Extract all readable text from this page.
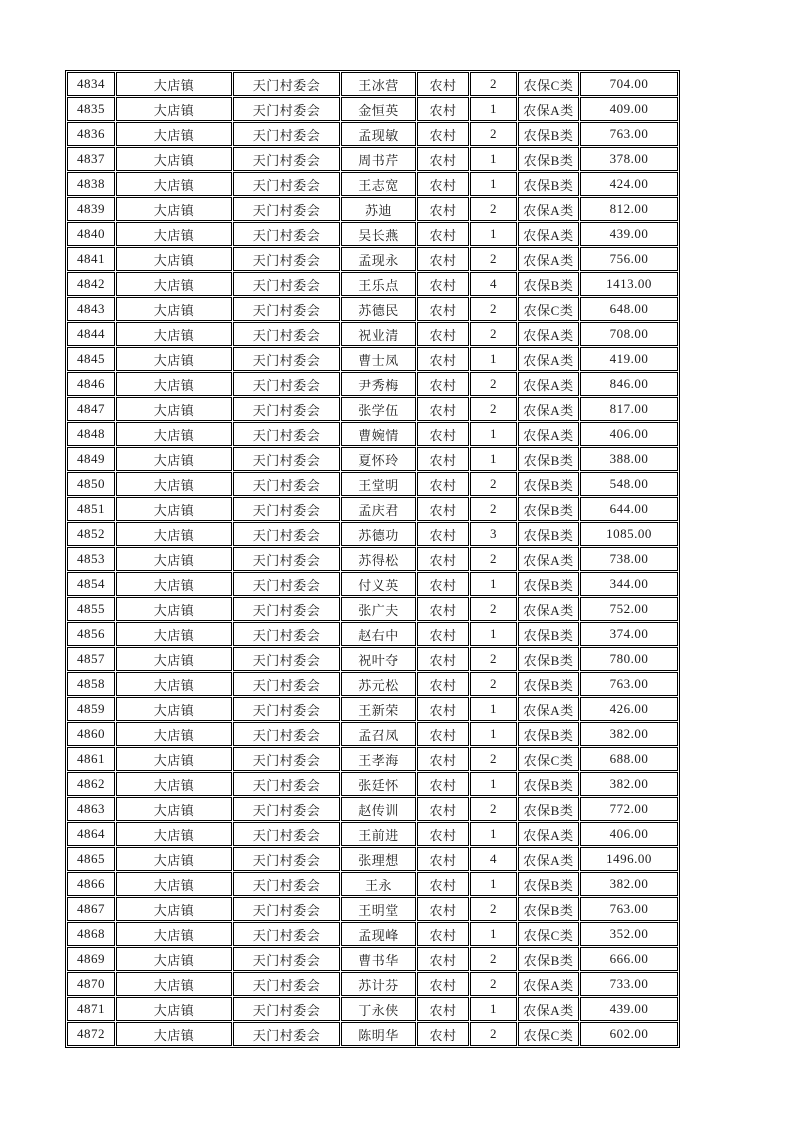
4834	大店镇	天门村委会	王冰营	农村	2	农保C类	704.00
4835	大店镇	天门村委会	金恒英	农村	1	农保A类	409.00
4836	大店镇	天门村委会	孟现敏	农村	2	农保B类	763.00
4837	大店镇	天门村委会	周书芹	农村	1	农保B类	378.00
4838	大店镇	天门村委会	王志宽	农村	1	农保B类	424.00
4839	大店镇	天门村委会	苏迪	农村	2	农保A类	812.00
4840	大店镇	天门村委会	吴长燕	农村	1	农保A类	439.00
4841	大店镇	天门村委会	孟现永	农村	2	农保A类	756.00
4842	大店镇	天门村委会	王乐点	农村	4	农保B类	1413.00
4843	大店镇	天门村委会	苏德民	农村	2	农保C类	648.00
4844	大店镇	天门村委会	祝业清	农村	2	农保A类	708.00
4845	大店镇	天门村委会	曹士凤	农村	1	农保A类	419.00
4846	大店镇	天门村委会	尹秀梅	农村	2	农保A类	846.00
4847	大店镇	天门村委会	张学伍	农村	2	农保A类	817.00
4848	大店镇	天门村委会	曹婉情	农村	1	农保A类	406.00
4849	大店镇	天门村委会	夏怀玲	农村	1	农保B类	388.00
4850	大店镇	天门村委会	王堂明	农村	2	农保B类	548.00
4851	大店镇	天门村委会	孟庆君	农村	2	农保B类	644.00
4852	大店镇	天门村委会	苏德功	农村	3	农保B类	1085.00
4853	大店镇	天门村委会	苏得松	农村	2	农保A类	738.00
4854	大店镇	天门村委会	付义英	农村	1	农保B类	344.00
4855	大店镇	天门村委会	张广夫	农村	2	农保A类	752.00
4856	大店镇	天门村委会	赵右中	农村	1	农保B类	374.00
4857	大店镇	天门村委会	祝叶夺	农村	2	农保B类	780.00
4858	大店镇	天门村委会	苏元松	农村	2	农保B类	763.00
4859	大店镇	天门村委会	王新荣	农村	1	农保A类	426.00
4860	大店镇	天门村委会	孟召凤	农村	1	农保B类	382.00
4861	大店镇	天门村委会	王孝海	农村	2	农保C类	688.00
4862	大店镇	天门村委会	张廷怀	农村	1	农保B类	382.00
4863	大店镇	天门村委会	赵传训	农村	2	农保B类	772.00
4864	大店镇	天门村委会	王前进	农村	1	农保A类	406.00
4865	大店镇	天门村委会	张理想	农村	4	农保A类	1496.00
4866	大店镇	天门村委会	王永	农村	1	农保B类	382.00
4867	大店镇	天门村委会	王明堂	农村	2	农保B类	763.00
4868	大店镇	天门村委会	孟现峰	农村	1	农保C类	352.00
4869	大店镇	天门村委会	曹书华	农村	2	农保B类	666.00
4870	大店镇	天门村委会	苏计芬	农村	2	农保A类	733.00
4871	大店镇	天门村委会	丁永侠	农村	1	农保A类	439.00
4872	大店镇	天门村委会	陈明华	农村	2	农保C类	602.00
